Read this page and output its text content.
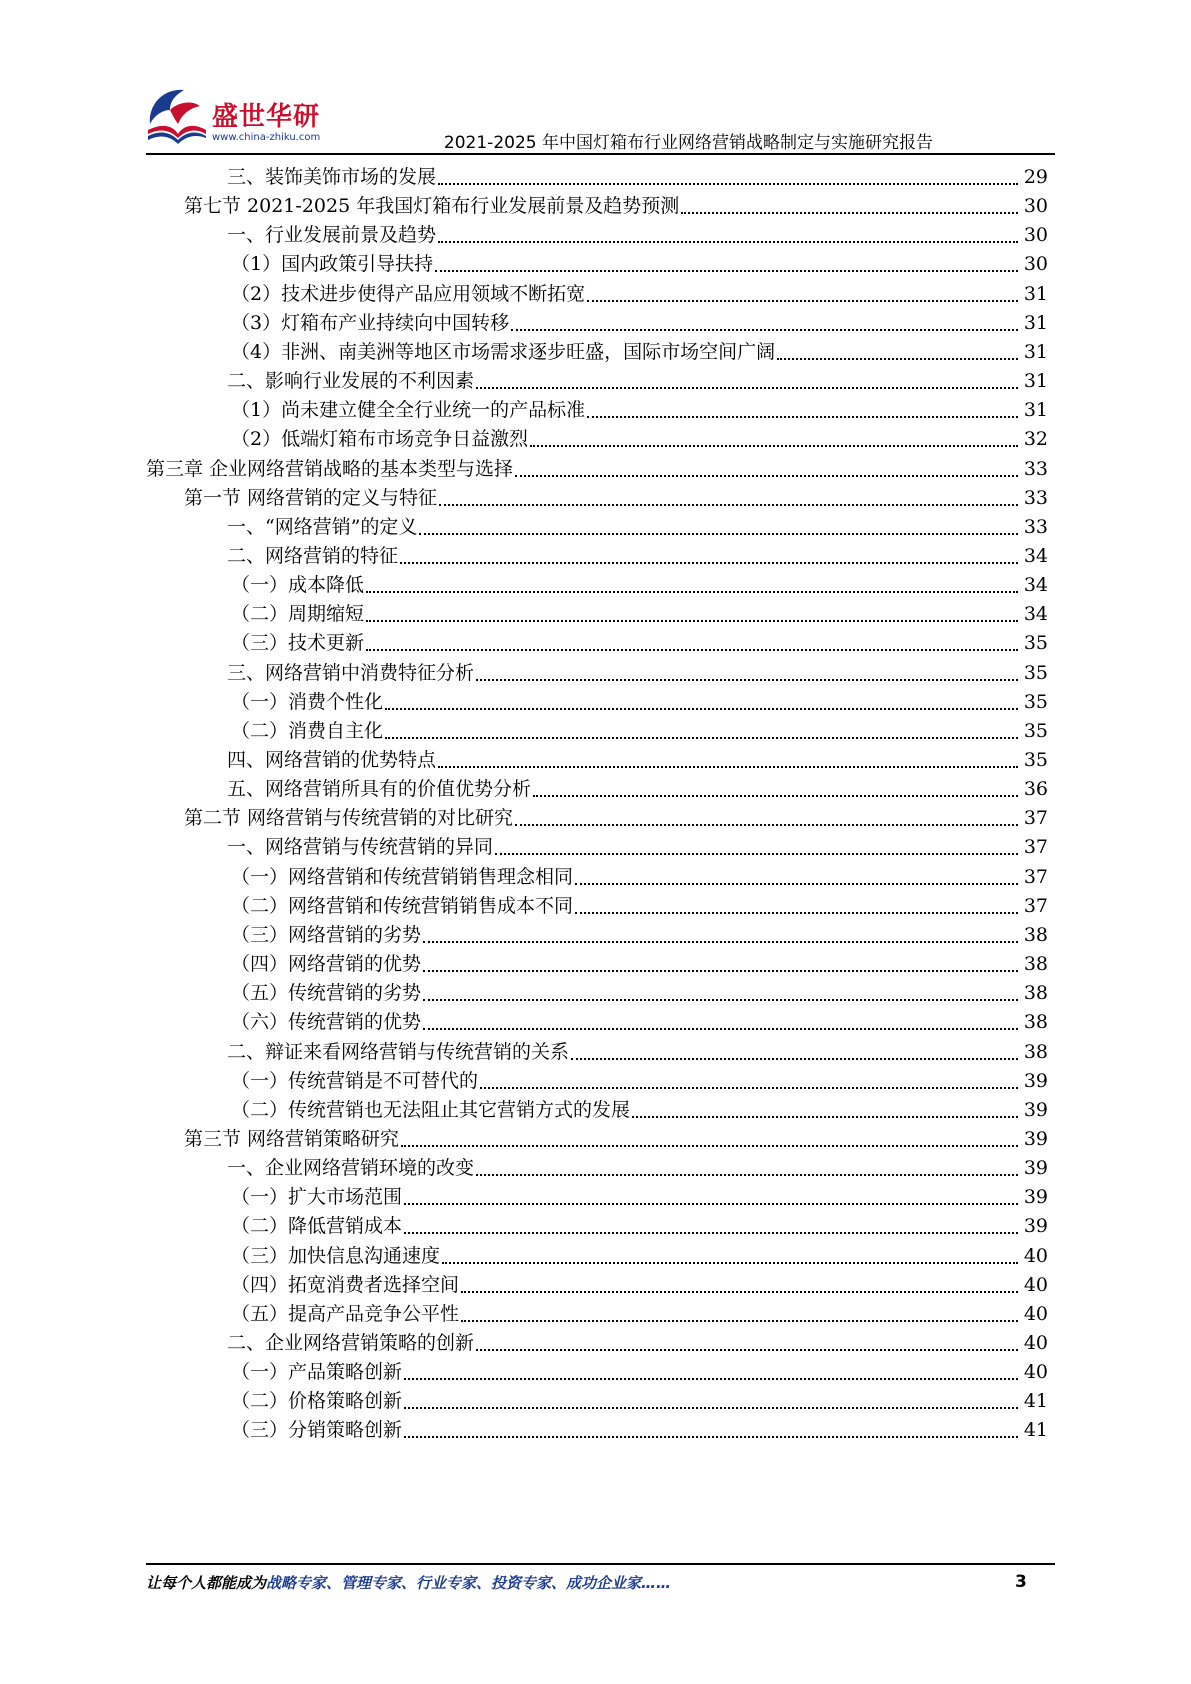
盛世华研
www.china-zhiku.com	2021-2025 年中国灯箱布行业网络营销战略制定与实施研究报告
三、装饰美饰市场的发展	29
第七节 2021-2025 年我国灯箱布行业发展前景及趋势预测	30
一、行业发展前景及趋势	30
（1）国内政策引导扶持	30
（2）技术进步使得产品应用领域不断拓宽	31
（3）灯箱布产业持续向中国转移	31
（4）非洲、南美洲等地区市场需求逐步旺盛，国际市场空间广阔	31
二、影响行业发展的不利因素	31
（1）尚未建立健全全行业统一的产品标准	31
（2）低端灯箱布市场竞争日益激烈	32
第三章 企业网络营销战略的基本类型与选择	33
第一节 网络营销的定义与特征	33
一、“网络营销”的定义	33
二、网络营销的特征	34
（一）成本降低	34
（二）周期缩短	34
（三）技术更新	35
三、网络营销中消费特征分析	35
（一）消费个性化	35
（二）消费自主化	35
四、网络营销的优势特点	35
五、网络营销所具有的价值优势分析	36
第二节 网络营销与传统营销的对比研究	37
一、网络营销与传统营销的异同	37
（一）网络营销和传统营销销售理念相同	37
（二）网络营销和传统营销销售成本不同	37
（三）网络营销的劣势	38
（四）网络营销的优势	38
（五）传统营销的劣势	38
（六）传统营销的优势	38
二、辩证来看网络营销与传统营销的关系	38
（一）传统营销是不可替代的	39
（二）传统营销也无法阻止其它营销方式的发展	39
第三节 网络营销策略研究	39
一、企业网络营销环境的改变	39
（一）扩大市场范围	39
（二）降低营销成本	39
（三）加快信息沟通速度	40
（四）拓宽消费者选择空间	40
（五）提高产品竞争公平性	40
二、企业网络营销策略的创新	40
（一）产品策略创新	40
（二）价格策略创新	41
（三）分销策略创新	41
让每个人都能成为战略专家、管理专家、行业专家、投资专家、成功企业家……	3
